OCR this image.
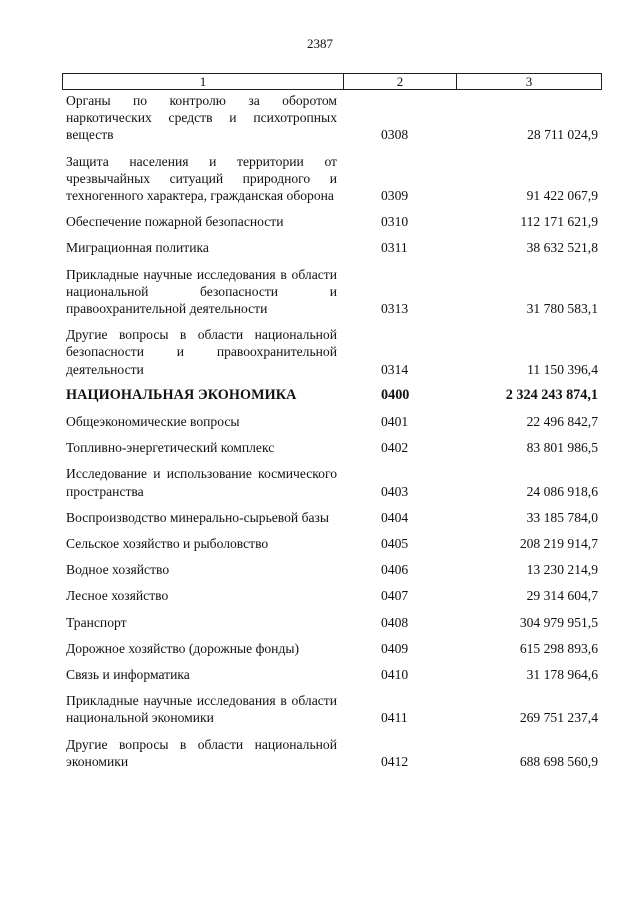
2387
1	2	3
Органы по контролю за оборотом наркотических средств и психотропных веществ	0308	28 711 024,9
Защита населения и территории от чрезвычайных ситуаций природного и техногенного характера, гражданская оборона	0309	91 422 067,9
Обеспечение пожарной безопасности	0310	112 171 621,9
Миграционная политика	0311	38 632 521,8
Прикладные научные исследования в области национальной безопасности и правоохранительной деятельности	0313	31 780 583,1
Другие вопросы в области национальной безопасности и правоохранительной деятельности	0314	11 150 396,4
НАЦИОНАЛЬНАЯ ЭКОНОМИКА	0400	2 324 243 874,1
Общеэкономические вопросы	0401	22 496 842,7
Топливно-энергетический комплекс	0402	83 801 986,5
Исследование и использование космического пространства	0403	24 086 918,6
Воспроизводство минерально-сырьевой базы	0404	33 185 784,0
Сельское хозяйство и рыболовство	0405	208 219 914,7
Водное хозяйство	0406	13 230 214,9
Лесное хозяйство	0407	29 314 604,7
Транспорт	0408	304 979 951,5
Дорожное хозяйство (дорожные фонды)	0409	615 298 893,6
Связь и информатика	0410	31 178 964,6
Прикладные научные исследования в области национальной экономики	0411	269 751 237,4
Другие вопросы в области национальной экономики	0412	688 698 560,9
